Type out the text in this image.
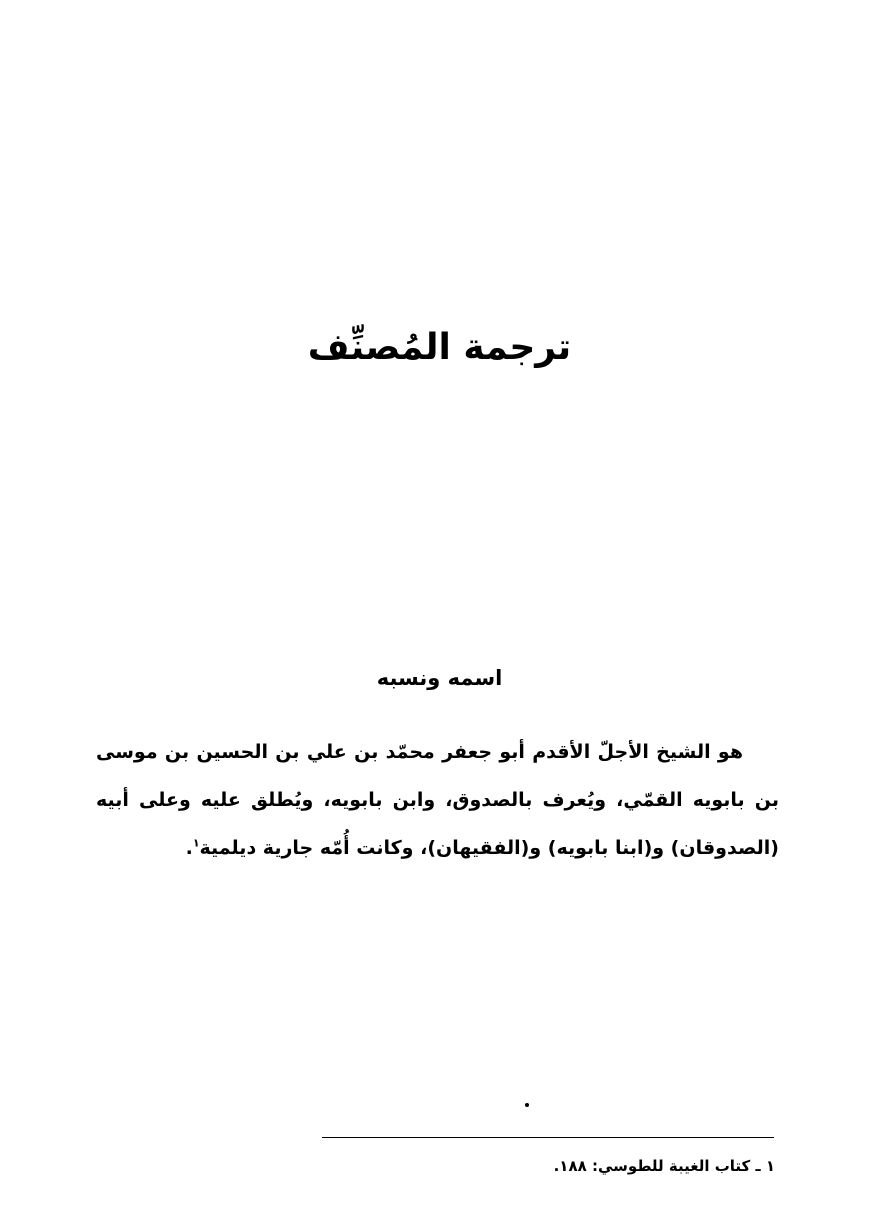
ترجمة المُصنِّف
اسمه ونسبه

هو الشيخ الأجلّ الأقدم أبو جعفر محمّد بن علي بن الحسين بن موسى بن بابويه القمّي، ويُعرف بالصدوق، وابن بابويه، ويُطلق عليه وعلى أبيه (الصدوقان) و(ابنا بابويه) و(الفقيهان)، وكانت أُمّه جارية ديلمية$^١$.

١ ـ كتاب الغيبة للطوسي: ١٨٨.
